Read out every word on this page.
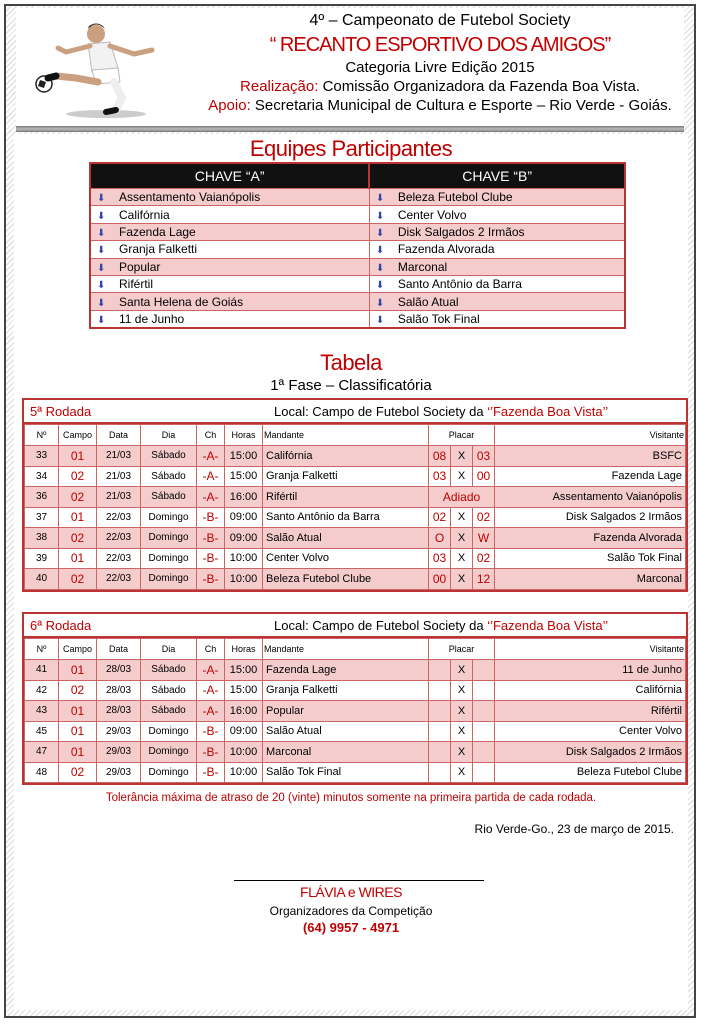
4º – Campeonato de Futebol Society
“ RECANTO ESPORTIVO DOS AMIGOS”
Categoria Livre Edição 2015
Realização: Comissão Organizadora da Fazenda Boa Vista.
Apoio: Secretaria Municipal de Cultura e Esporte – Rio Verde - Goiás.
Equipes Participantes
CHAVE “A”	CHAVE “B”
⬇ Assentamento Vaianópolis	⬇ Beleza Futebol Clube
⬇ Califórnia	⬇ Center Volvo
⬇ Fazenda Lage	⬇ Disk Salgados 2 Irmãos
⬇ Granja Falketti	⬇ Fazenda Alvorada
⬇ Popular	⬇ Marconal
⬇ Rifértil	⬇ Santo Antônio da Barra
⬇ Santa Helena de Goiás	⬇ Salão Atual
⬇ 11 de Junho	⬇ Salão Tok Final
Tabela
1ª Fase – Classificatória
5ª Rodada	Local: Campo de Futebol Society da ‘’Fazenda Boa Vista’’
Nº	Campo	Data	Dia	Ch	Horas	Mandante	Placar			Visitante
33	01	21/03	Sábado	-A-	15:00	Califórnia	08	X	03	BSFC
34	02	21/03	Sábado	-A-	15:00	Granja Falketti	03	X	00	Fazenda Lage
36	02	21/03	Sábado	-A-	16:00	Rifértil	Adiado			Assentamento Vaianópolis
37	01	22/03	Domingo	-B-	09:00	Santo Antônio da Barra	02	X	02	Disk Salgados 2 Irmãos
38	02	22/03	Domingo	-B-	09:00	Salão Atual	O	X	W	Fazenda Alvorada
39	01	22/03	Domingo	-B-	10:00	Center Volvo	03	X	02	Salão Tok Final
40	02	22/03	Domingo	-B-	10:00	Beleza Futebol Clube	00	X	12	Marconal
6ª Rodada	Local: Campo de Futebol Society da ‘’Fazenda Boa Vista’’
Nº	Campo	Data	Dia	Ch	Horas	Mandante	Placar			Visitante
41	01	28/03	Sábado	-A-	15:00	Fazenda Lage		X		11 de Junho
42	02	28/03	Sábado	-A-	15:00	Granja Falketti		X		Califórnia
43	01	28/03	Sábado	-A-	16:00	Popular		X		Rifértil
45	01	29/03	Domingo	-B-	09:00	Salão Atual		X		Center Volvo
47	01	29/03	Domingo	-B-	10:00	Marconal		X		Disk Salgados 2 Irmãos
48	02	29/03	Domingo	-B-	10:00	Salão Tok Final		X		Beleza Futebol Clube
Tolerância máxima de atraso de 20 (vinte) minutos somente na primeira partida de cada rodada.
Rio Verde-Go., 23 de março de 2015.
FLÁVIA e WIRES
Organizadores da Competição
(64) 9957 - 4971
